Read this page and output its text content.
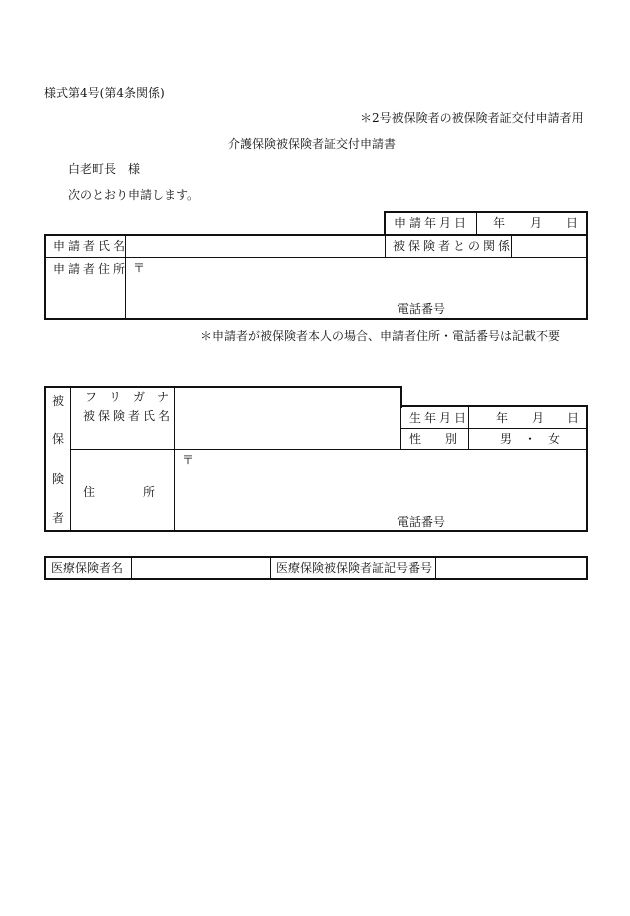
様式第4号(第4条関係)
＊2号被保険者の被保険者証交付申請者用
介護保険被保険者証交付申請書
白老町長　様
次のとおり申請します。
申請年月日 年 月 日
申請者氏名	被保険者との関係
申請者住所 〒
電話番号
＊申請者が被保険者本人の場合、申請者住所・電話番号は記載不要
被
保
険
者
フ　リ　ガ　ナ
被保険者氏名	生年月日 年 月 日
性　　別	男　・　女
住　　　　所
〒
電話番号
医療保険者名	医療保険被保険者証記号番号
